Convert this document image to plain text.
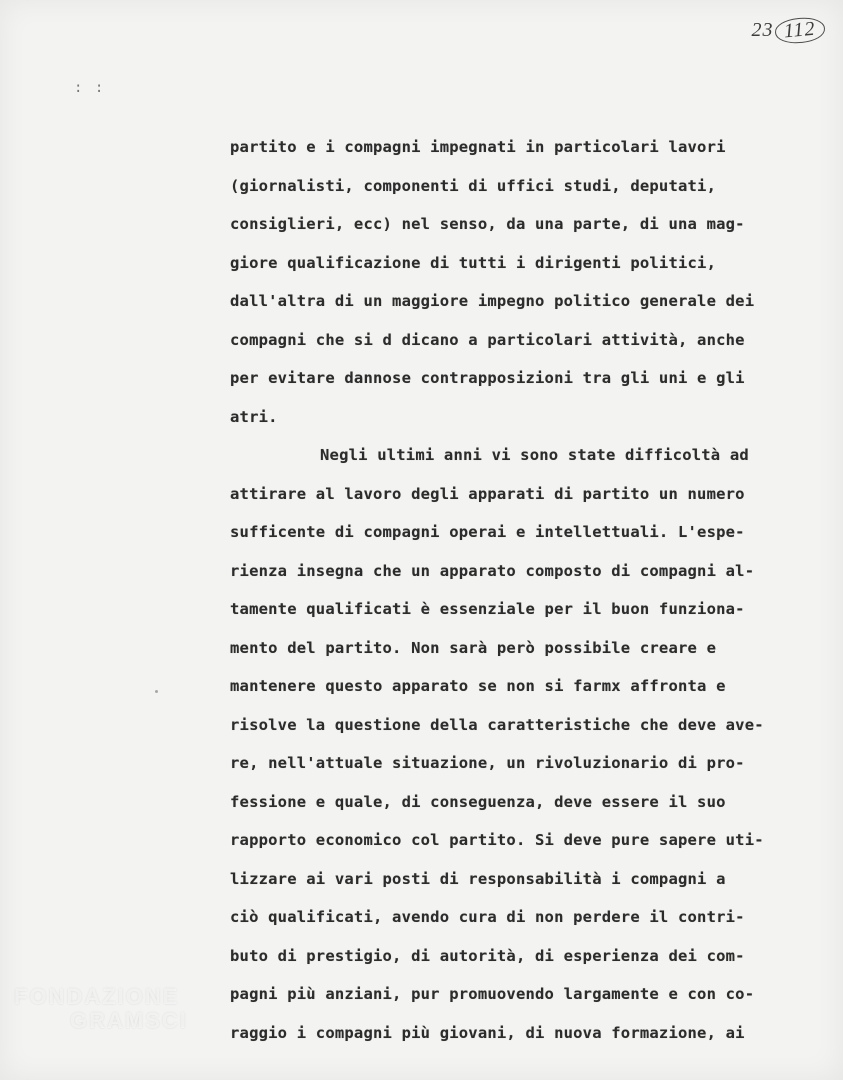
23 112
: :
partito e i compagni impegnati in particolari lavori
(giornalisti, componenti di uffici studi, deputati,
consiglieri, ecc) nel senso, da una parte, di una mag-
giore qualificazione di tutti i dirigenti politici,
dall'altra di un maggiore impegno politico generale dei
compagni che si d dicano a particolari attività, anche
per evitare dannose contrapposizioni tra gli uni e gli
atri.
Negli ultimi anni vi sono state difficoltà ad
attirare al lavoro degli apparati di partito un numero
sufficente di compagni operai e intellettuali. L'espe-
rienza insegna che un apparato composto di compagni al-
tamente qualificati è essenziale per il buon funziona-
mento del partito. Non sarà però possibile creare e
mantenere questo apparato se non si farmx affronta e
risolve la questione della caratteristiche che deve ave-
re, nell'attuale situazione, un rivoluzionario di pro-
fessione e quale, di conseguenza, deve essere il suo
rapporto economico col partito. Si deve pure sapere uti-
lizzare ai vari posti di responsabilità i compagni a
ciò qualificati, avendo cura di non perdere il contri-
buto di prestigio, di autorità, di esperienza dei com-
pagni più anziani, pur promuovendo largamente e con co-
raggio i compagni più giovani, di nuova formazione, ai
FONDAZIONE
GRAMSCI
